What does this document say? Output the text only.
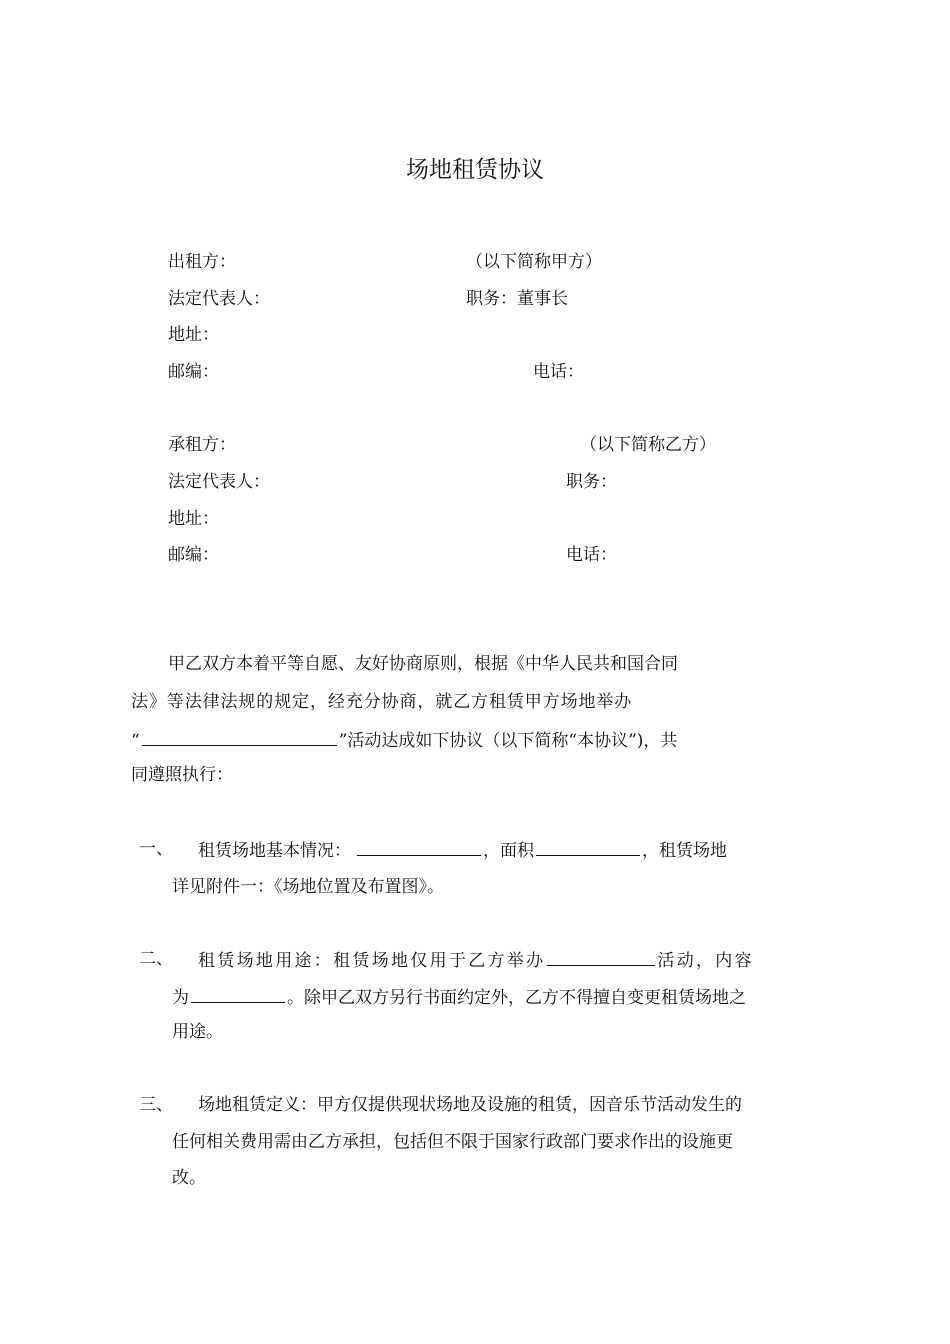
场地租赁协议
出租方：	（以下简称甲方）
法定代表人：	职务：董事长
地址：
邮编：	电话：
承租方：	（以下简称乙方）
法定代表人：	职务：
地址：
邮编：	电话：
甲乙双方本着平等自愿、友好协商原则，根据《中华人民共和国合同
法》等法律法规的规定，经充分协商，就乙方租赁甲方场地举办
“	”活动达成如下协议（以下简称“本协议”)，共
同遵照执行：
一、 租赁场地基本情况：	，面积	，租赁场地
详见附件一：《场地位置及布置图》。
二、 租赁场地用途：租赁场地仅用于乙方举办	活动，内容
为	。除甲乙双方另行书面约定外，乙方不得擅自变更租赁场地之
用途。
三、 场地租赁定义：甲方仅提供现状场地及设施的租赁，因音乐节活动发生的
任何相关费用需由乙方承担，包括但不限于国家行政部门要求作出的设施更
改。
